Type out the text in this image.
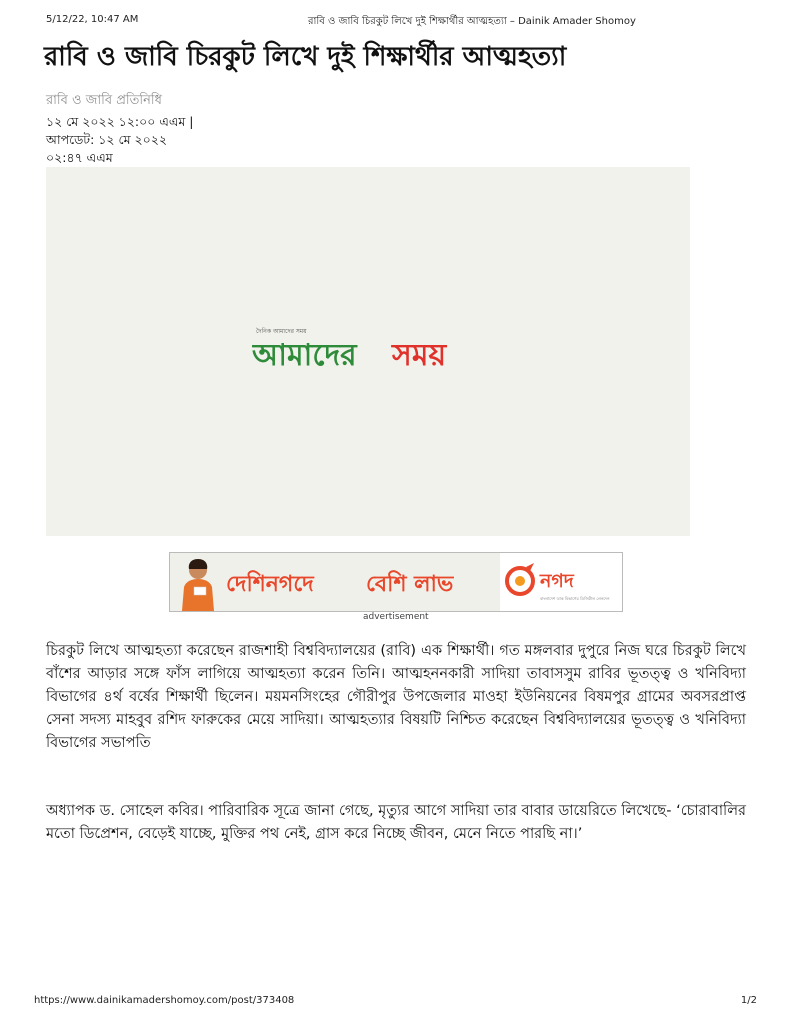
5/12/22, 10:47 AM	রাবি ও জাবি চিরকুট লিখে দুই শিক্ষার্থীর আত্মহত্যা – Dainik Amader Shomoy
রাবি ও জাবি চিরকুট লিখে দুই শিক্ষার্থীর আত্মহত্যা
রাবি ও জাবি প্রতিনিধি
১২ মে ২০২২ ১২:০০ এএম |
আপডেট: ১২ মে ২০২২
০২:৪৭ এএম
দৈনিক আমাদের সময়
আমাদের সময়
দেশিনগদে বেশি লাভ	নগদ
বাংলাদেশ ডাক বিভাগের ডিজিটাল লেনদেন
advertisement

চিরকুট লিখে আত্মহত্যা করেছেন রাজশাহী বিশ্ববিদ্যালয়ের (রাবি) এক শিক্ষার্থী। গত মঙ্গলবার দুপুরে নিজ ঘরে চিরকুট লিখে বাঁশের আড়ার সঙ্গে ফাঁস লাগিয়ে আত্মহত্যা করেন তিনি। আত্মহননকারী সাদিয়া তাবাসসুম রাবির ভূতত্ত্ব ও খনিবিদ্যা বিভাগের ৪র্থ বর্ষের শিক্ষার্থী ছিলেন। ময়মনসিংহের গৌরীপুর উপজেলার মাওহা ইউনিয়নের বিষমপুর গ্রামের অবসরপ্রাপ্ত সেনা সদস্য মাহবুব রশিদ ফারুকের মেয়ে সাদিয়া। আত্মহত্যার বিষয়টি নিশ্চিত করেছেন বিশ্ববিদ্যালয়ের ভূতত্ত্ব ও খনিবিদ্যা বিভাগের সভাপতি

অধ্যাপক ড. সোহেল কবির। পারিবারিক সূত্রে জানা গেছে, মৃত্যুর আগে সাদিয়া তার বাবার ডায়েরিতে লিখেছে- ‘চোরাবালির মতো ডিপ্রেশন, বেড়েই যাচ্ছে, মুক্তির পথ নেই, গ্রাস করে নিচ্ছে জীবন, মেনে নিতে পারছি না।’

https://www.dainikamadershomoy.com/post/373408	1/2
